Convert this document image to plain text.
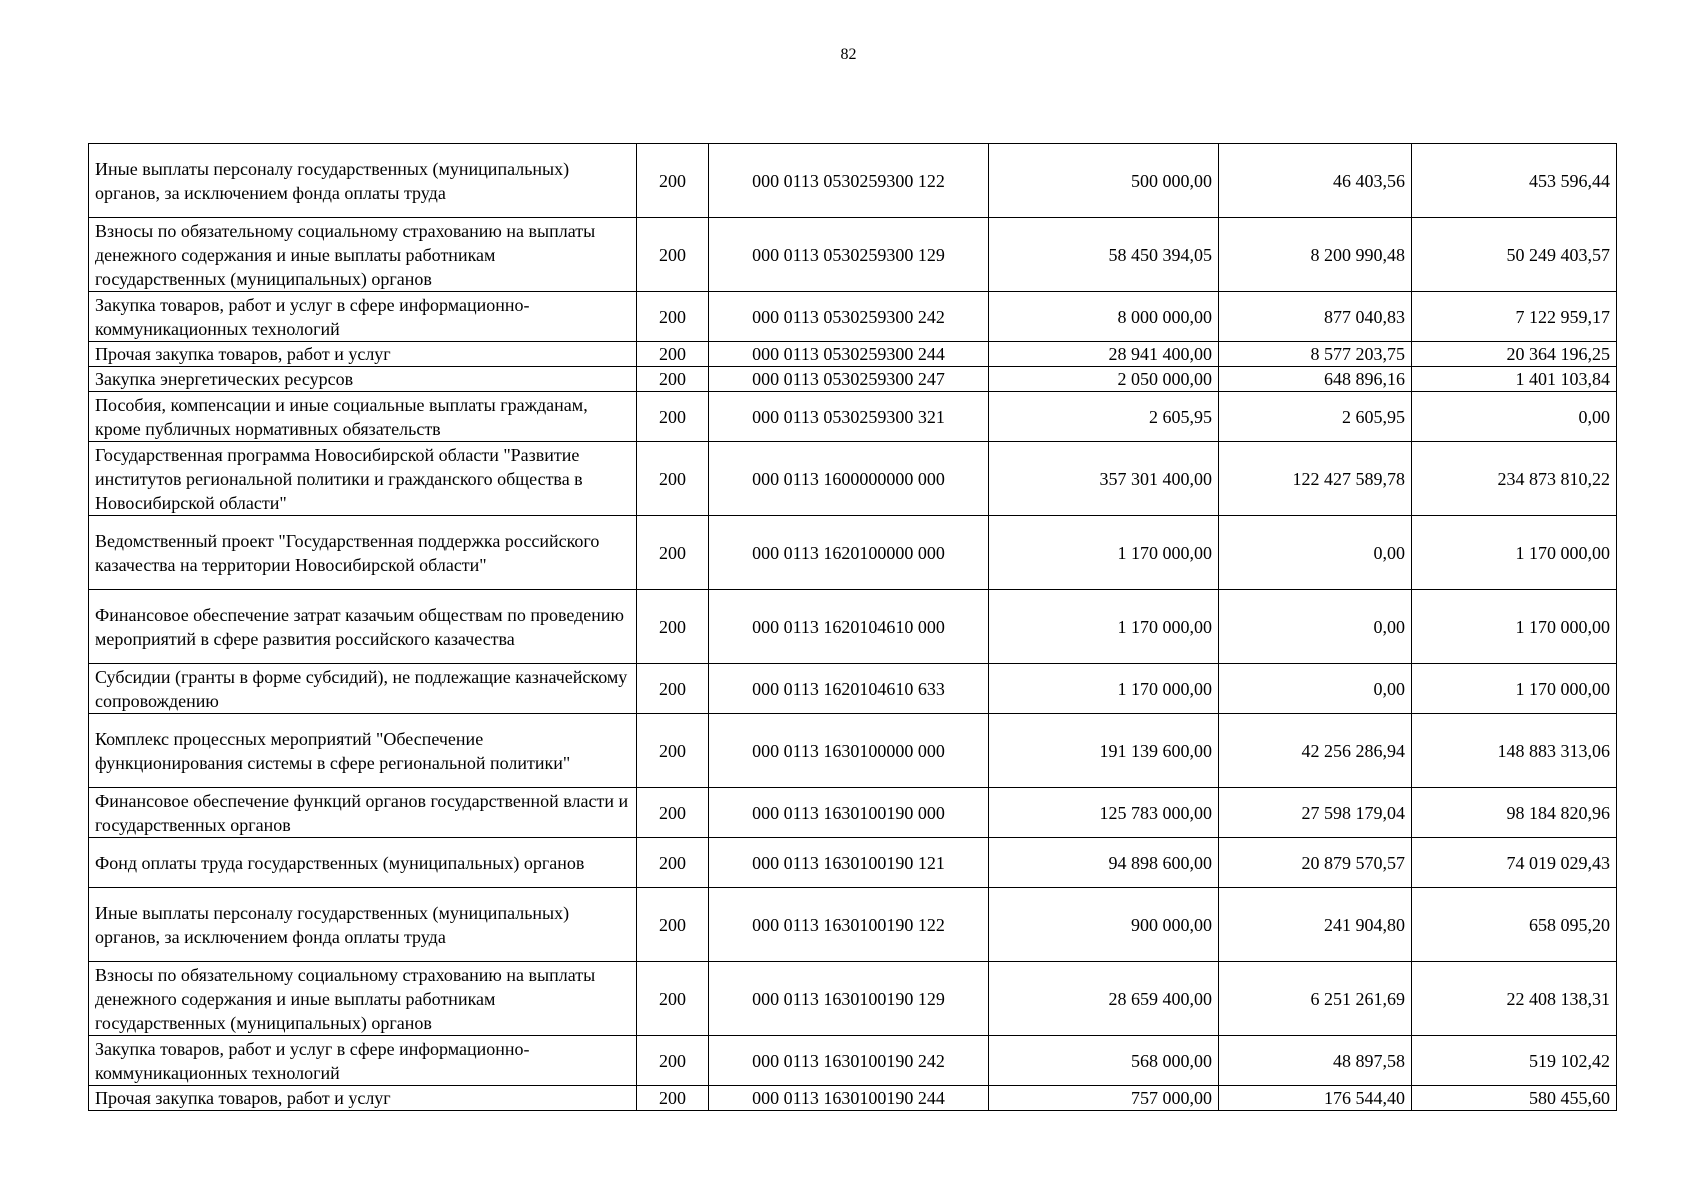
82
Иные выплаты персоналу государственных (муниципальных) органов, за исключением фонда оплаты труда	200	000 0113 0530259300 122	500 000,00	46 403,56	453 596,44
Взносы по обязательному социальному страхованию на выплаты денежного содержания и иные выплаты работникам государственных (муниципальных) органов	200	000 0113 0530259300 129	58 450 394,05	8 200 990,48	50 249 403,57
Закупка товаров, работ и услуг в сфере информационно-коммуникационных технологий	200	000 0113 0530259300 242	8 000 000,00	877 040,83	7 122 959,17
Прочая закупка товаров, работ и услуг	200	000 0113 0530259300 244	28 941 400,00	8 577 203,75	20 364 196,25
Закупка энергетических ресурсов	200	000 0113 0530259300 247	2 050 000,00	648 896,16	1 401 103,84
Пособия, компенсации и иные социальные выплаты гражданам, кроме публичных нормативных обязательств	200	000 0113 0530259300 321	2 605,95	2 605,95	0,00
Государственная программа Новосибирской области "Развитие институтов региональной политики и гражданского общества в Новосибирской области"	200	000 0113 1600000000 000	357 301 400,00	122 427 589,78	234 873 810,22
Ведомственный проект "Государственная поддержка российского казачества на территории Новосибирской области"	200	000 0113 1620100000 000	1 170 000,00	0,00	1 170 000,00
Финансовое обеспечение затрат казачьим обществам по проведению мероприятий в сфере развития российского казачества	200	000 0113 1620104610 000	1 170 000,00	0,00	1 170 000,00
Субсидии (гранты в форме субсидий), не подлежащие казначейскому сопровождению	200	000 0113 1620104610 633	1 170 000,00	0,00	1 170 000,00
Комплекс процессных мероприятий "Обеспечение функционирования системы в сфере региональной политики"	200	000 0113 1630100000 000	191 139 600,00	42 256 286,94	148 883 313,06
Финансовое обеспечение функций органов государственной власти и государственных органов	200	000 0113 1630100190 000	125 783 000,00	27 598 179,04	98 184 820,96
Фонд оплаты труда государственных (муниципальных) органов	200	000 0113 1630100190 121	94 898 600,00	20 879 570,57	74 019 029,43
Иные выплаты персоналу государственных (муниципальных) органов, за исключением фонда оплаты труда	200	000 0113 1630100190 122	900 000,00	241 904,80	658 095,20
Взносы по обязательному социальному страхованию на выплаты денежного содержания и иные выплаты работникам государственных (муниципальных) органов	200	000 0113 1630100190 129	28 659 400,00	6 251 261,69	22 408 138,31
Закупка товаров, работ и услуг в сфере информационно-коммуникационных технологий	200	000 0113 1630100190 242	568 000,00	48 897,58	519 102,42
Прочая закупка товаров, работ и услуг	200	000 0113 1630100190 244	757 000,00	176 544,40	580 455,60
